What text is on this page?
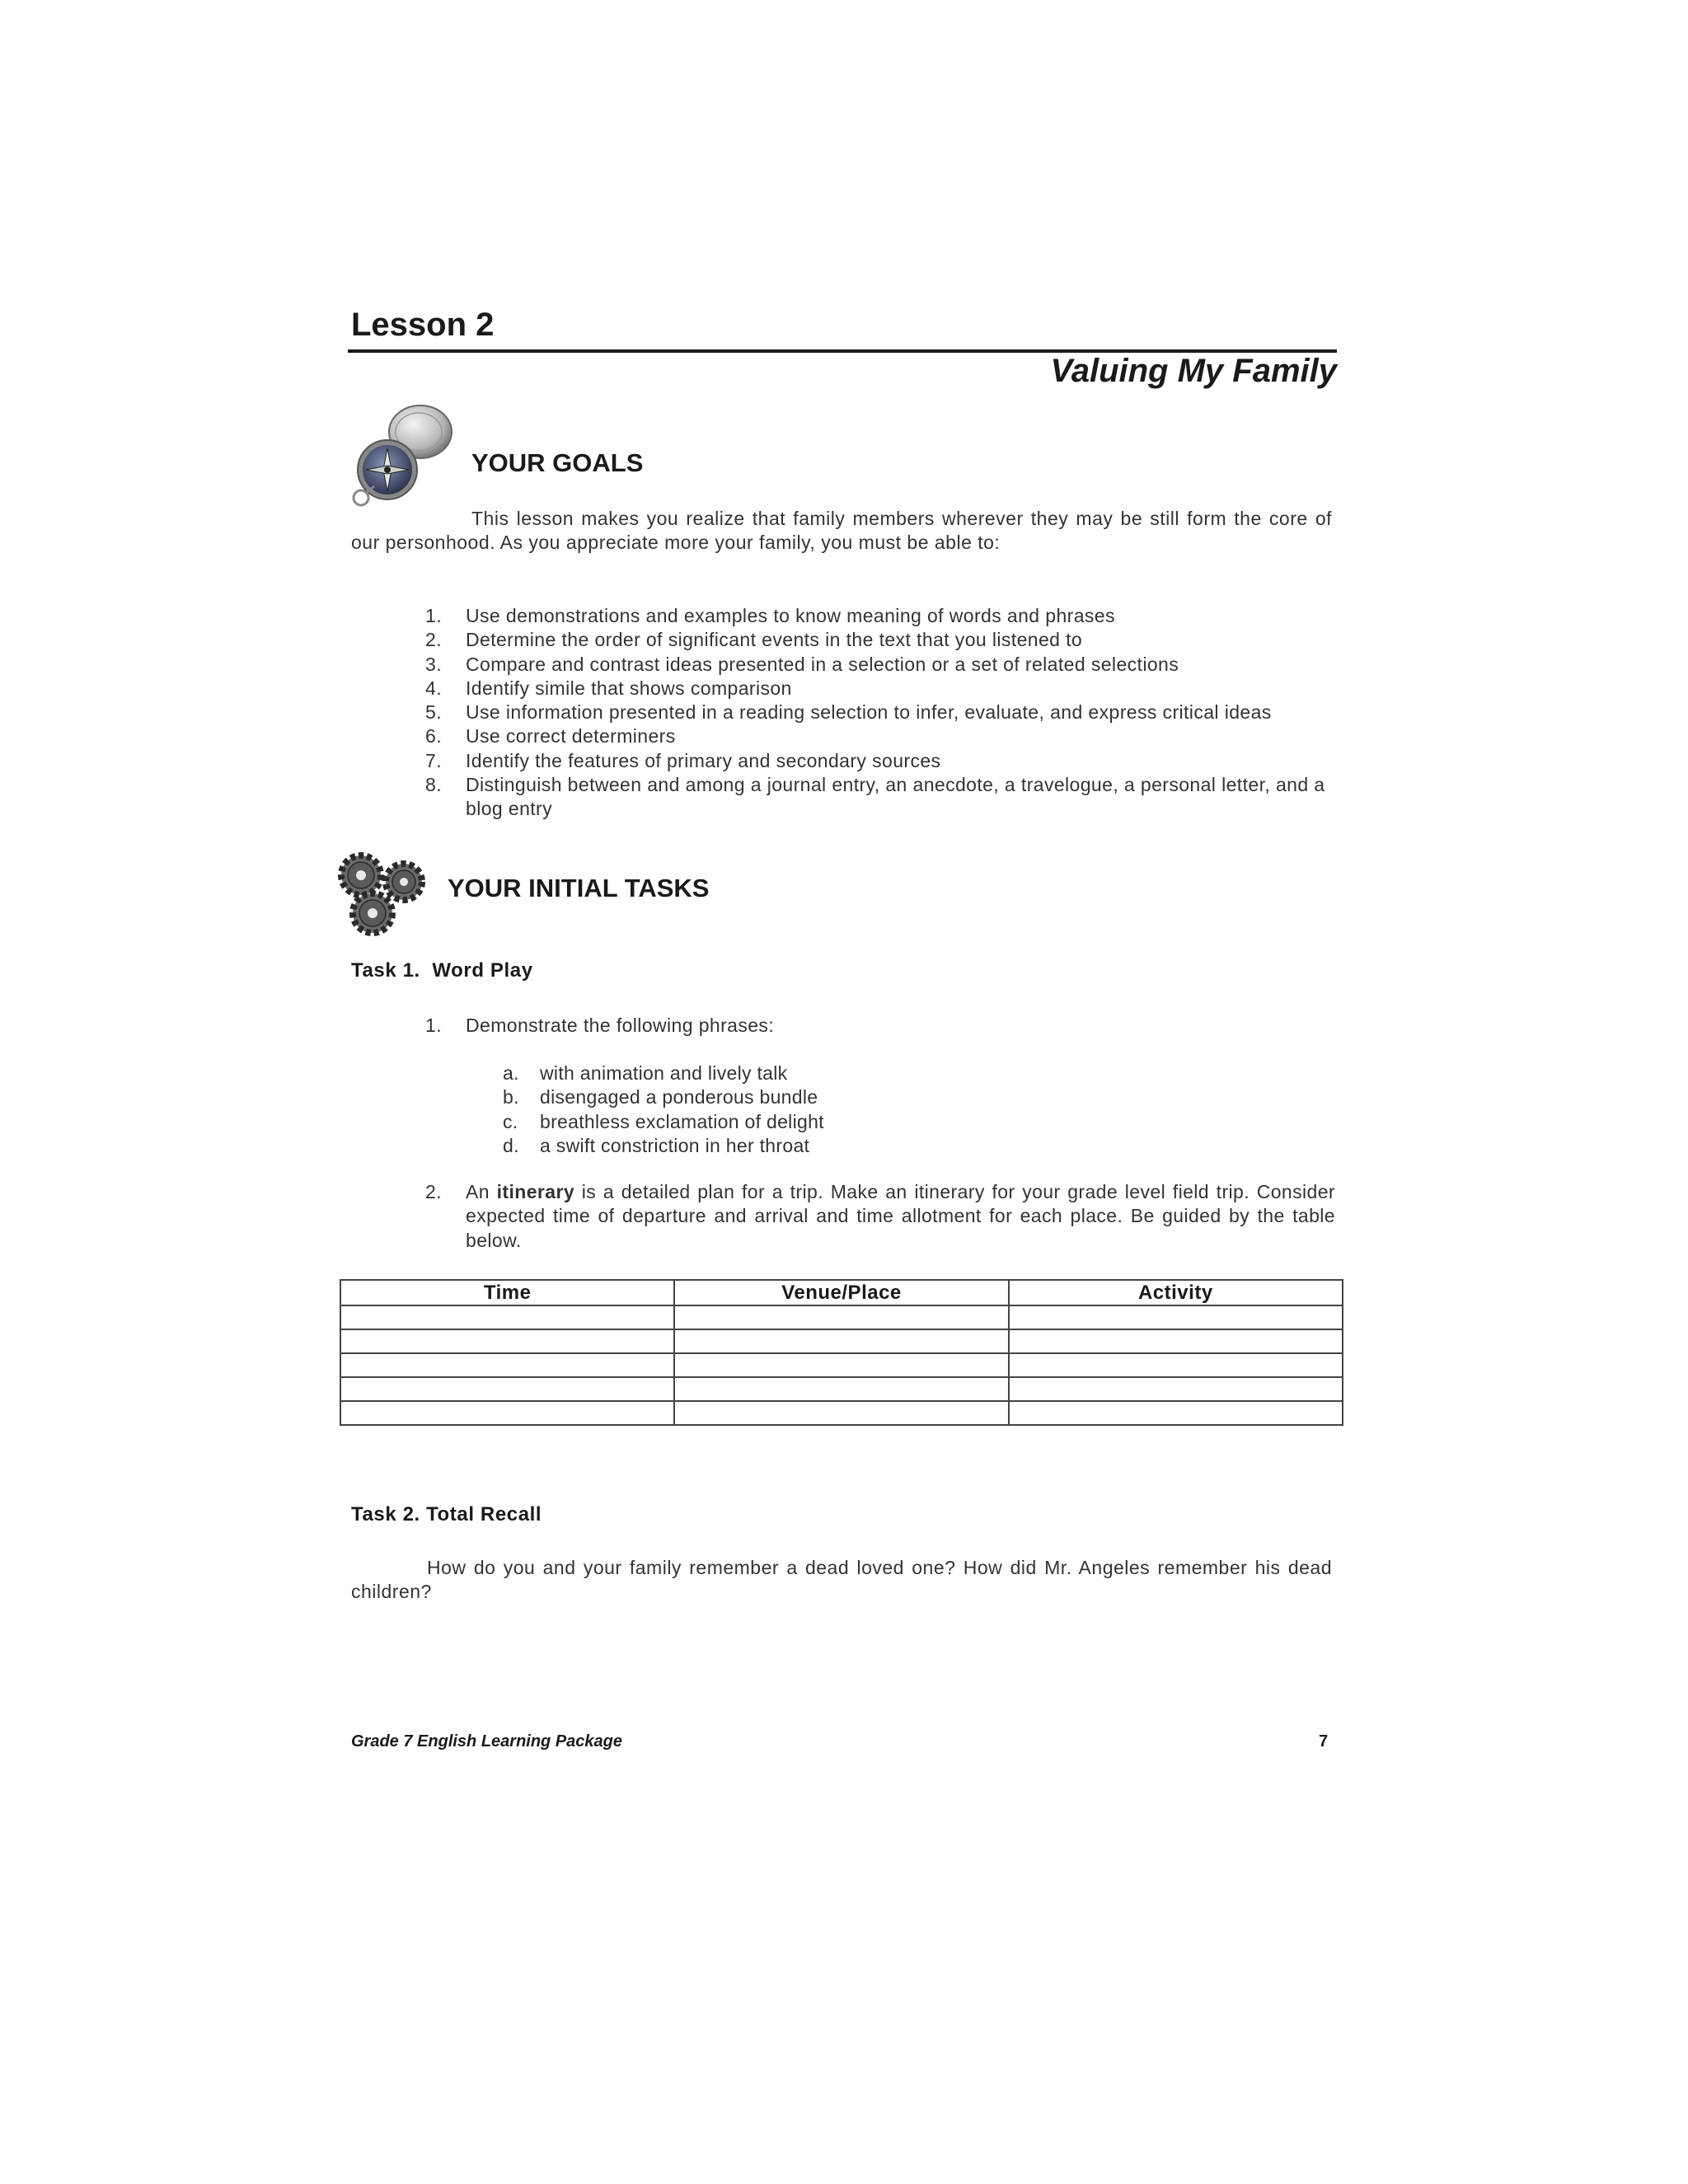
Lesson 2
Valuing My Family
YOUR GOALS

This lesson makes you realize that family members wherever they may be still form the core of our personhood. As you appreciate more your family, you must be able to:

1. Use demonstrations and examples to know meaning of words and phrases
2. Determine the order of significant events in the text that you listened to
3. Compare and contrast ideas presented in a selection or a set of related selections
4. Identify simile that shows comparison
5. Use information presented in a reading selection to infer, evaluate, and express critical ideas
6. Use correct determiners
7. Identify the features of primary and secondary sources
8. Distinguish between and among a journal entry, an anecdote, a travelogue, a personal letter, and a blog entry
YOUR INITIAL TASKS
Task 1.  Word Play
1. Demonstrate the following phrases:
a. with animation and lively talk
b. disengaged a ponderous bundle
c. breathless exclamation of delight
d. a swift constriction in her throat
2. An itinerary is a detailed plan for a trip. Make an itinerary for your grade level field trip. Consider expected time of departure and arrival and time allotment for each place. Be guided by the table below.
Time	Venue/Place	Activity

Task 2. Total Recall

How do you and your family remember a dead loved one? How did Mr. Angeles remember his dead children?

Grade 7 English Learning Package	7
